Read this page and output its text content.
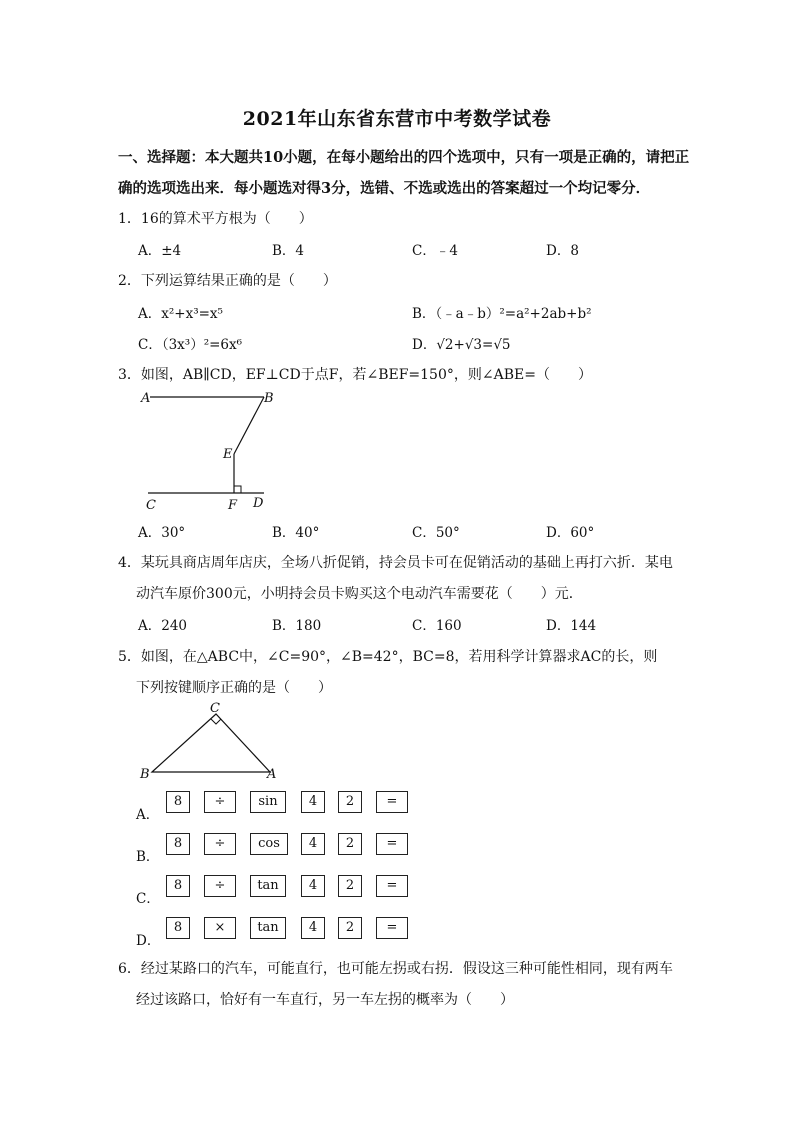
2021年山东省东营市中考数学试卷
一、选择题：本大题共10小题，在每小题给出的四个选项中，只有一项是正确的，请把正
确的选项选出来．每小题选对得3分，选错、不选或选出的答案超过一个均记零分．
1．16的算术平方根为（　　）
A．±4	B．4	C．﹣4	D．8
2．下列运算结果正确的是（　　）
A．x²+x³=x⁵	B．（﹣a﹣b）²=a²+2ab+b²
C．（3x³）²=6x⁶	D．√2+√3=√5
3．如图，AB∥CD，EF⊥CD于点F，若∠BEF=150°，则∠ABE=（　　）
A	B
E
C	F D
A．30°	B．40°	C．50°	D．60°
4．某玩具商店周年店庆，全场八折促销，持会员卡可在促销活动的基础上再打六折．某电
动汽车原价300元，小明持会员卡购买这个电动汽车需要花（　　）元．
A．240	B．180	C．160	D．144
5．如图，在△ABC中，∠C=90°，∠B=42°，BC=8，若用科学计算器求AC的长，则
下列按键顺序正确的是（　　）
C
B	A
A．
8	÷	sin	4	2	=
B．
8	÷	cos	4	2	=
C．
8	÷	tan	4	2	=
D．
8	×	tan	4	2	=
6．经过某路口的汽车，可能直行，也可能左拐或右拐．假设这三种可能性相同，现有两车
经过该路口，恰好有一车直行，另一车左拐的概率为（　　）
